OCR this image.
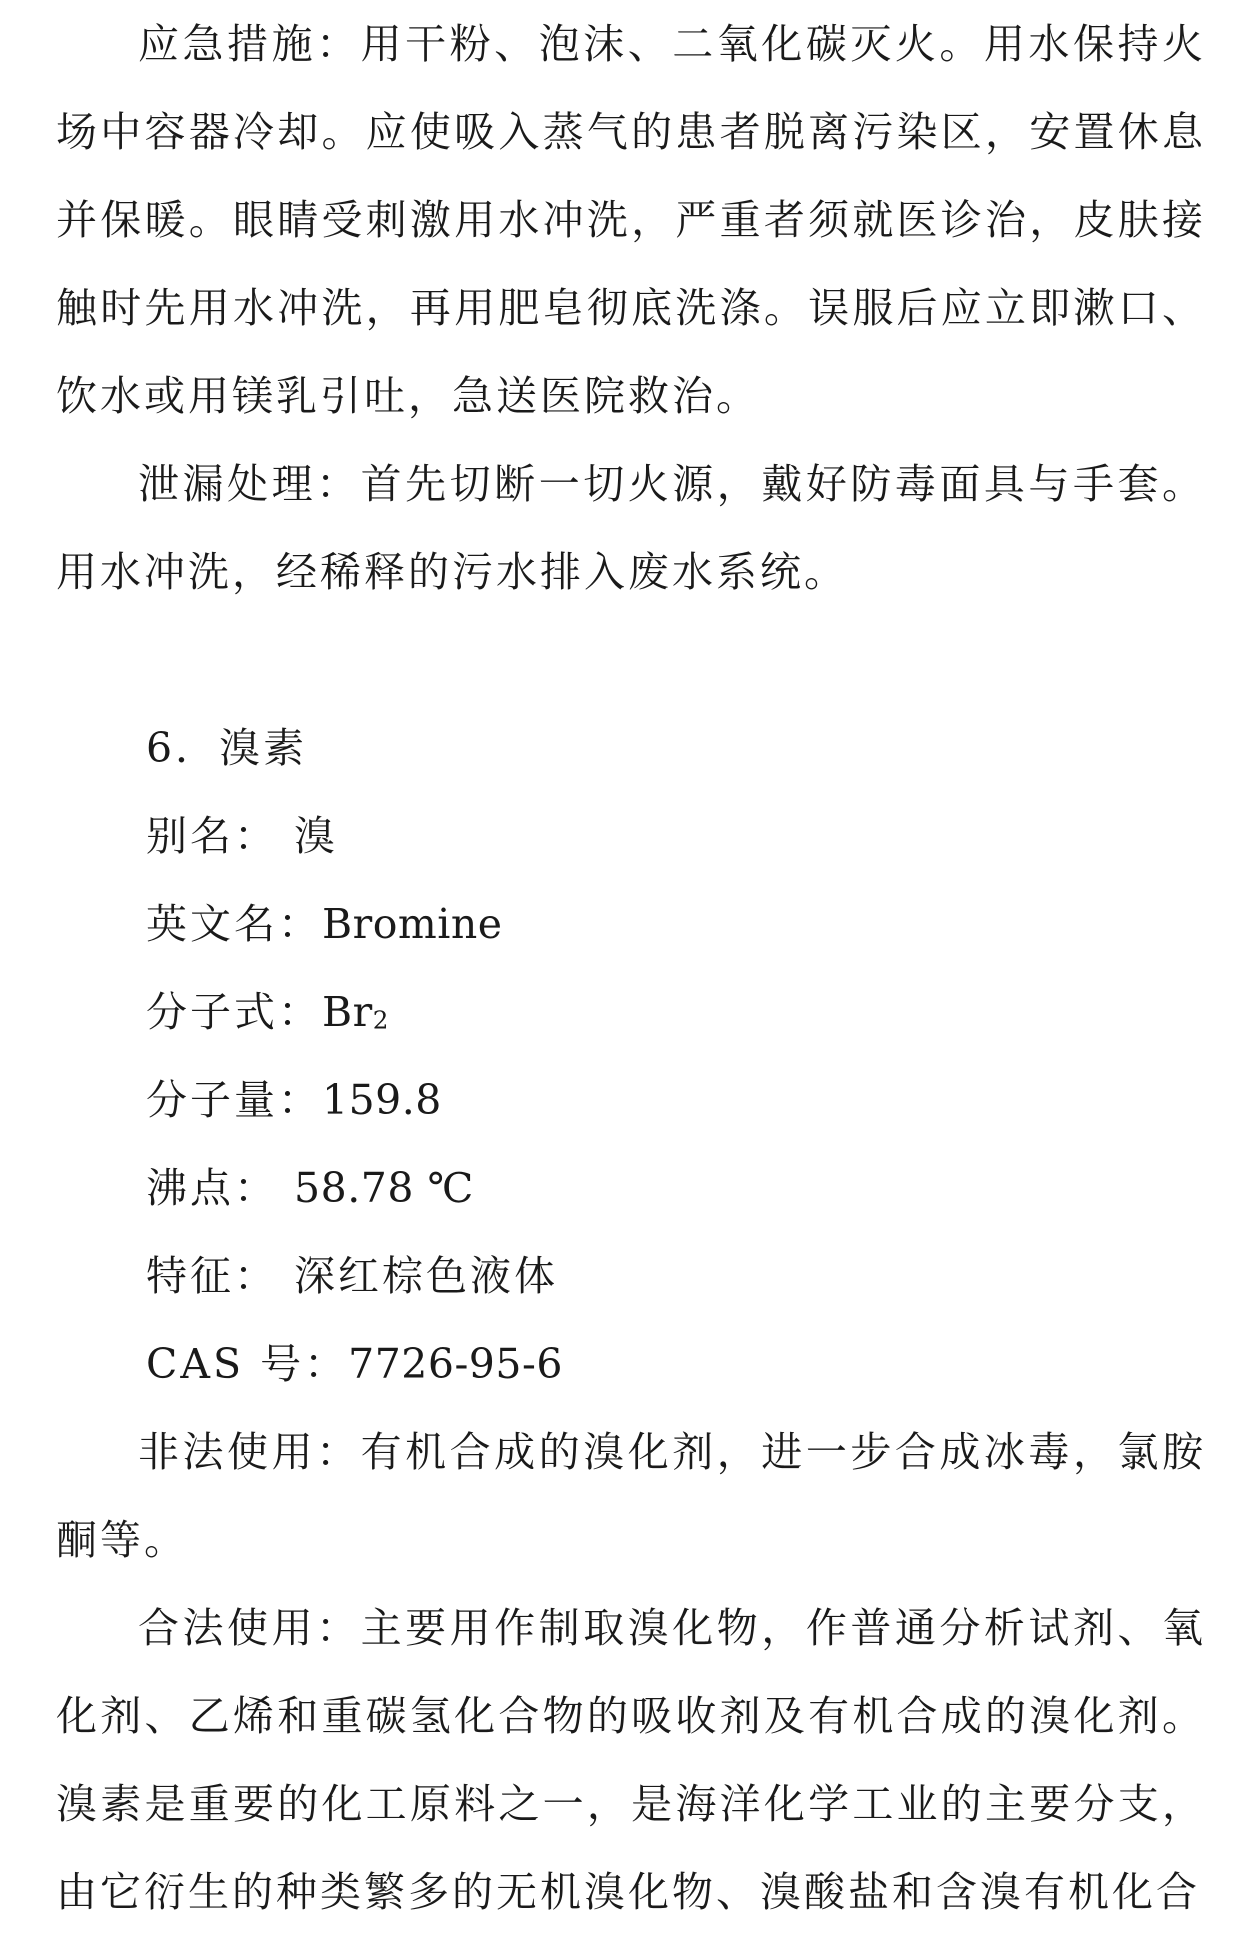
应急措施：用干粉、泡沫、二氧化碳灭火。用水保持火场中容器冷却。应使吸入蒸气的患者脱离污染区，安置休息并保暖。眼睛受刺激用水冲洗，严重者须就医诊治，皮肤接触时先用水冲洗，再用肥皂彻底洗涤。误服后应立即漱口、饮水或用镁乳引吐，急送医院救治。

泄漏处理：首先切断一切火源，戴好防毒面具与手套。用水冲洗，经稀释的污水排入废水系统。

6．溴素

别名： 溴

英文名：Bromine

分子式：$Br_2$

分子量：159.8

沸点： 58.78 ℃

特征： 深红棕色液体

CAS 号：7726-95-6

非法使用：有机合成的溴化剂，进一步合成冰毒，氯胺酮等。

合法使用：主要用作制取溴化物，作普通分析试剂、氧化剂、乙烯和重碳氢化合物的吸收剂及有机合成的溴化剂。溴素是重要的化工原料之一，是海洋化学工业的主要分支，由它衍生的种类繁多的无机溴化物、溴酸盐和含溴有机化合
